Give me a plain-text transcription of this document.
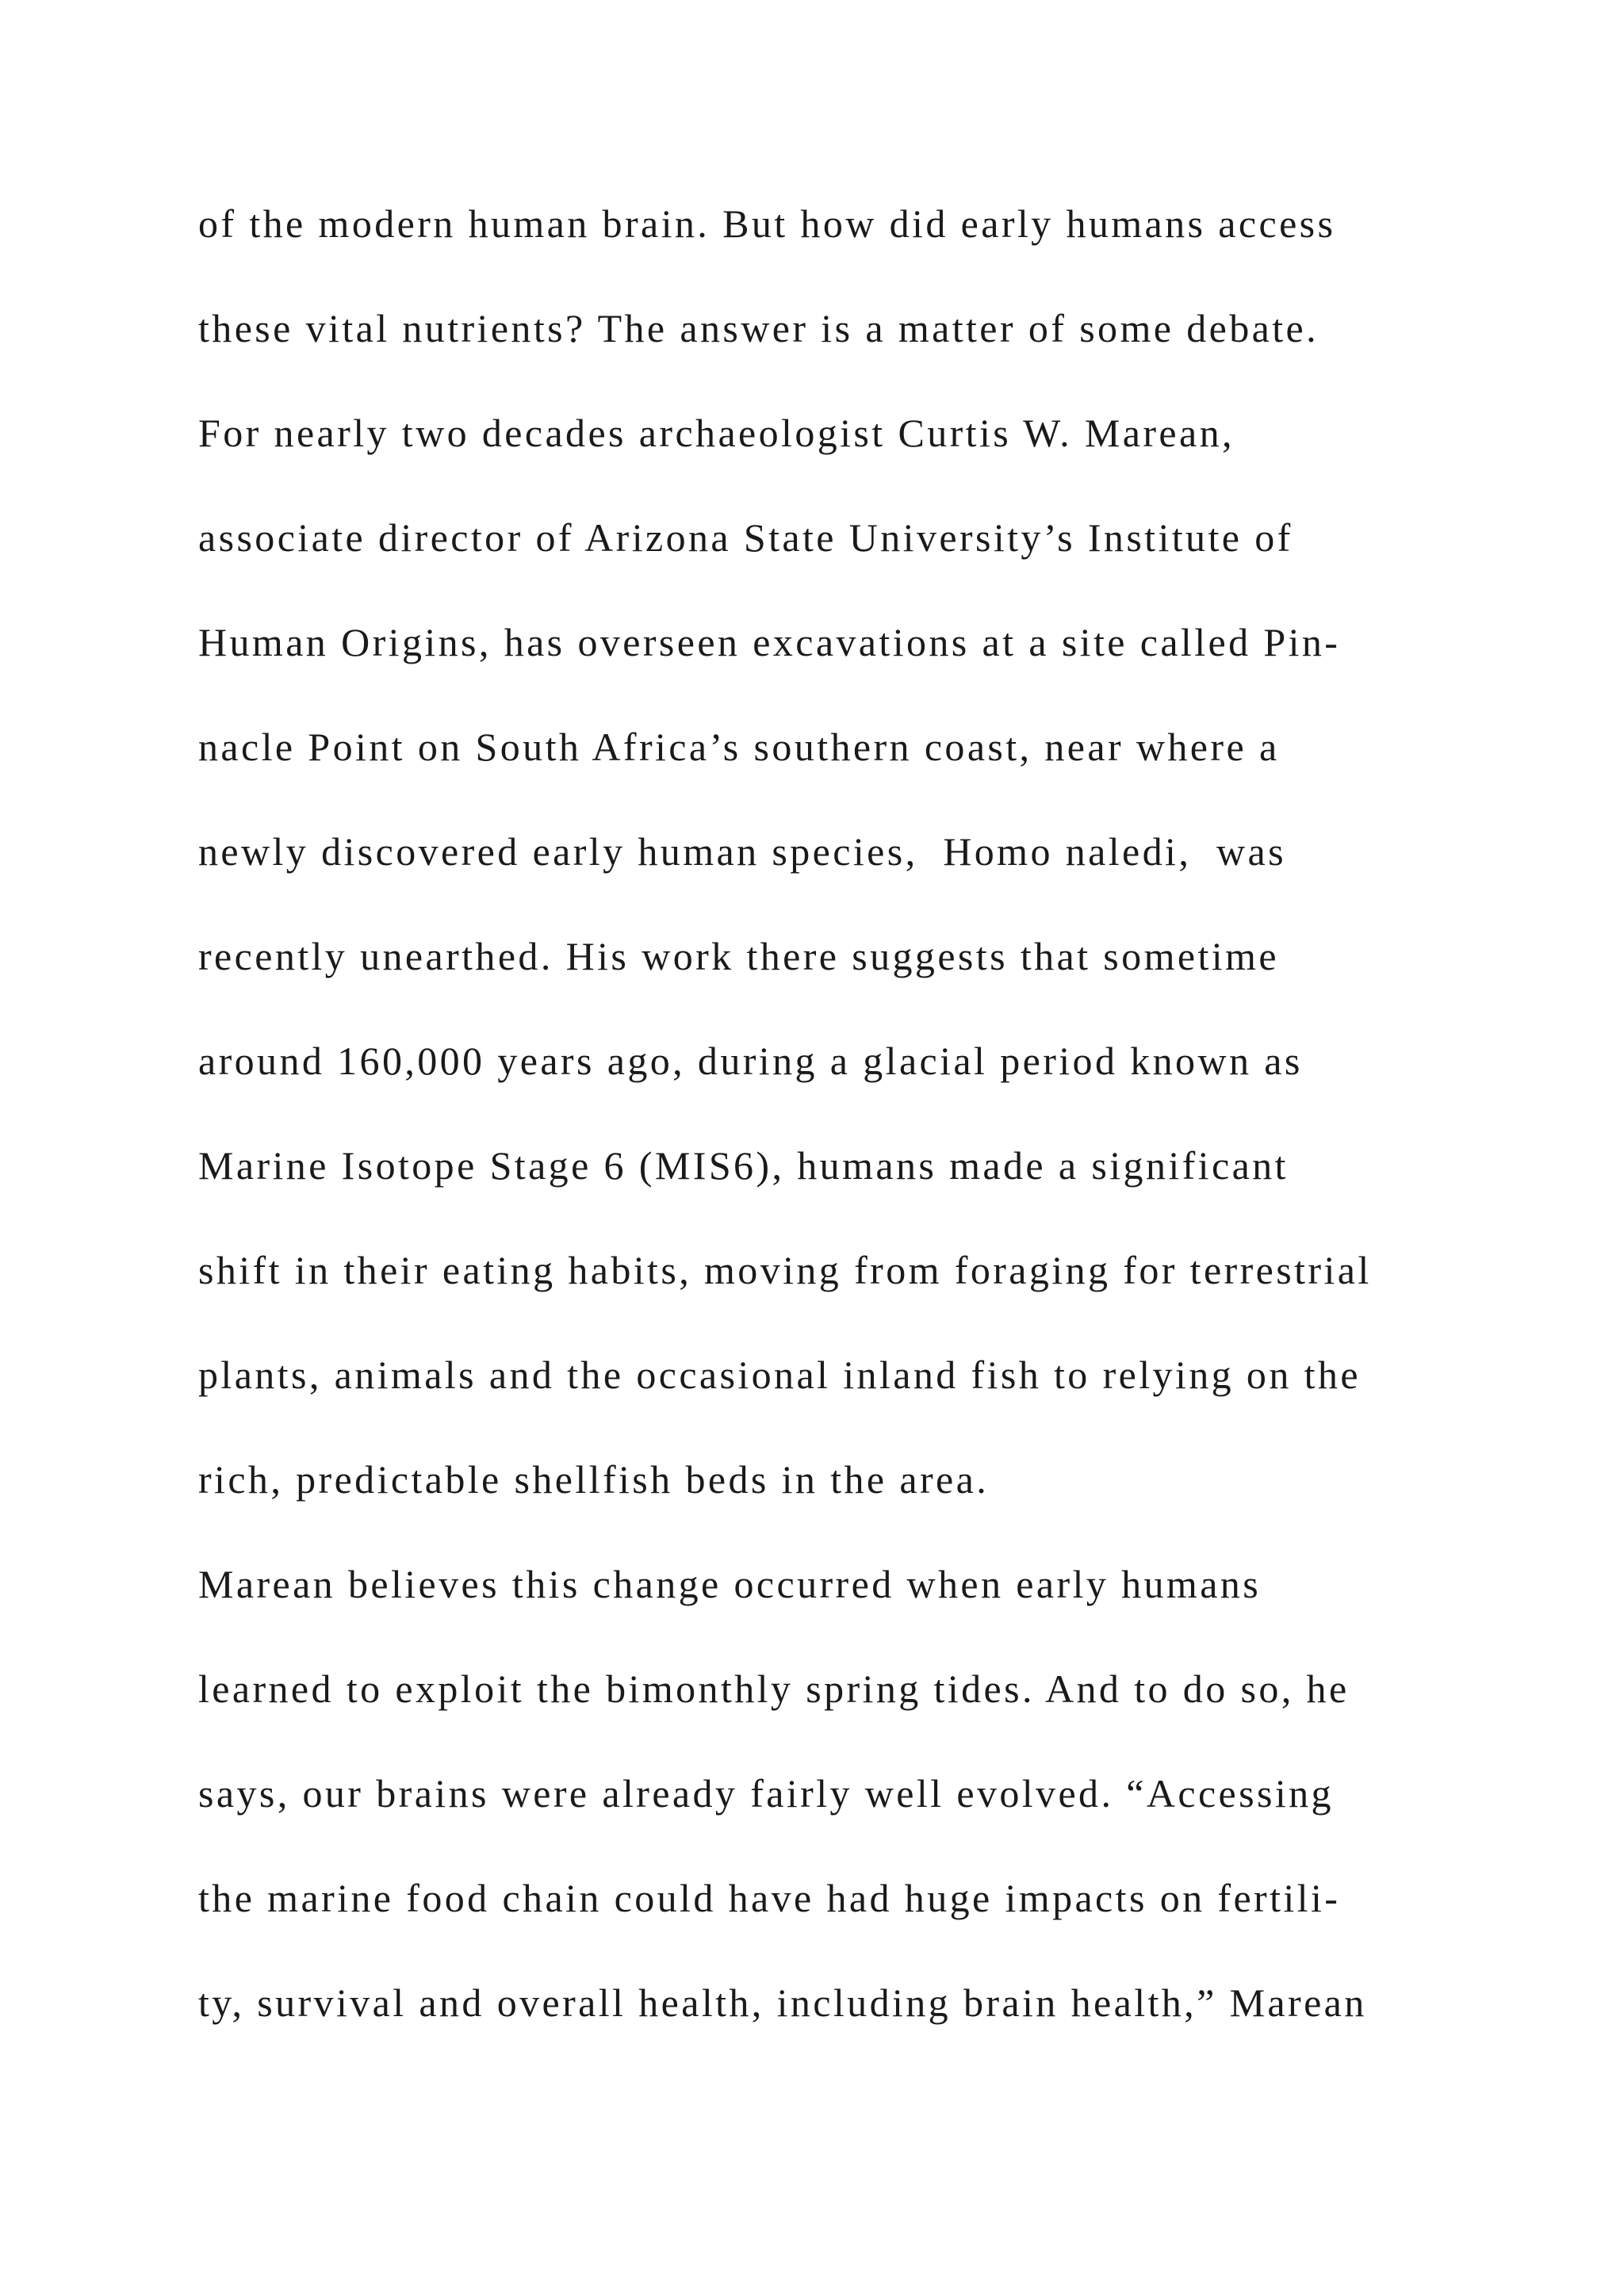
of the modern human brain. But how did early humans access
these vital nutrients? The answer is a matter of some debate.
For nearly two decades archaeologist Curtis W. Marean,
associate director of Arizona State University’s Institute of
Human Origins, has overseen excavations at a site called Pin-
nacle Point on South Africa’s southern coast, near where a
newly discovered early human species,  Homo naledi,  was
recently unearthed. His work there suggests that sometime
around 160,000 years ago, during a glacial period known as
Marine Isotope Stage 6 (MIS6), humans made a significant
shift in their eating habits, moving from foraging for terrestrial
plants, animals and the occasional inland fish to relying on the
rich, predictable shellfish beds in the area.
Marean believes this change occurred when early humans
learned to exploit the bimonthly spring tides. And to do so, he
says, our brains were already fairly well evolved. “Accessing
the marine food chain could have had huge impacts on fertili-
ty, survival and overall health, including brain health,” Marean
